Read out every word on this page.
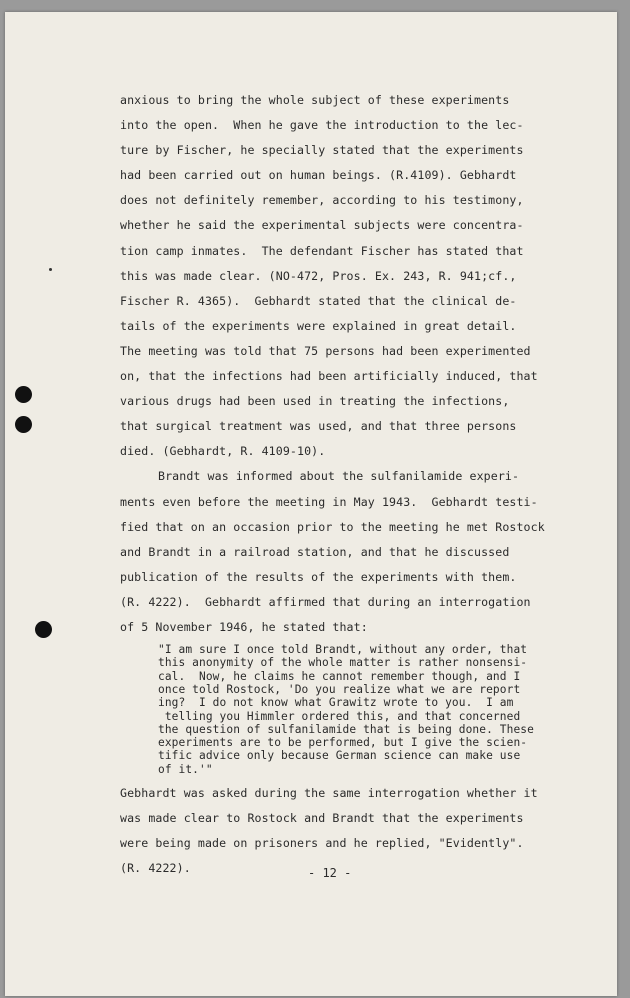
anxious to bring the whole subject of these experiments
into the open.  When he gave the introduction to the lec-
ture by Fischer, he specially stated that the experiments
had been carried out on human beings. (R.4109). Gebhardt
does not definitely remember, according to his testimony,
whether he said the experimental subjects were concentra-
tion camp inmates.  The defendant Fischer has stated that
this was made clear. (NO-472, Pros. Ex. 243, R. 941;cf.,
Fischer R. 4365).  Gebhardt stated that the clinical de-
tails of the experiments were explained in great detail.
The meeting was told that 75 persons had been experimented
on, that the infections had been artificially induced, that
various drugs had been used in treating the infections,
that surgical treatment was used, and that three persons
died. (Gebhardt, R. 4109-10).
Brandt was informed about the sulfanilamide experi-
ments even before the meeting in May 1943.  Gebhardt testi-
fied that on an occasion prior to the meeting he met Rostock
and Brandt in a railroad station, and that he discussed
publication of the results of the experiments with them.
(R. 4222).  Gebhardt affirmed that during an interrogation
of 5 November 1946, he stated that:
"I am sure I once told Brandt, without any order, that
this anonymity of the whole matter is rather nonsensi-
cal.  Now, he claims he cannot remember though, and I
once told Rostock, 'Do you realize what we are report
ing?  I do not know what Grawitz wrote to you.  I am
telling you Himmler ordered this, and that concerned
the question of sulfanilamide that is being done. These
experiments are to be performed, but I give the scien-
tific advice only because German science can make use
of it.'"
Gebhardt was asked during the same interrogation whether it
was made clear to Rostock and Brandt that the experiments
were being made on prisoners and he replied, "Evidently".
(R. 4222).	- 12 -
